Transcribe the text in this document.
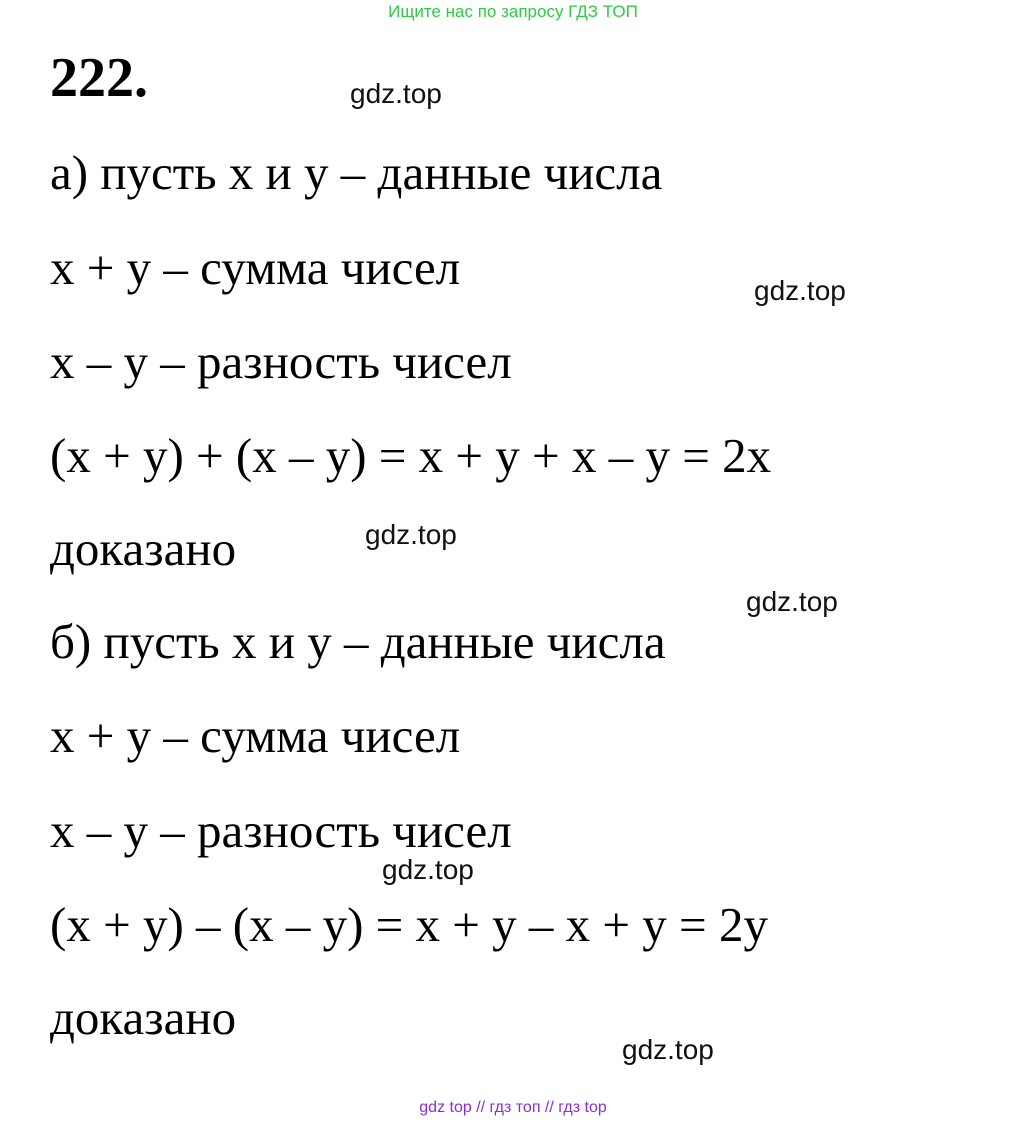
Ищите нас по запросу ГДЗ ТОП
222.	gdz.top
а) пусть x и y – данные числа
x + y – сумма чисел	gdz.top
x – y – разность чисел
(x + y) + (x – y) = x + y + x – y = 2x
gdz.top
доказано
gdz.top
б) пусть x и y – данные числа
x + y – сумма чисел
x – y – разность чисел
gdz.top
(x + y) – (x – y) = x + y – x + y = 2y
доказано
gdz.top
gdz top // гдз топ // гдз top
